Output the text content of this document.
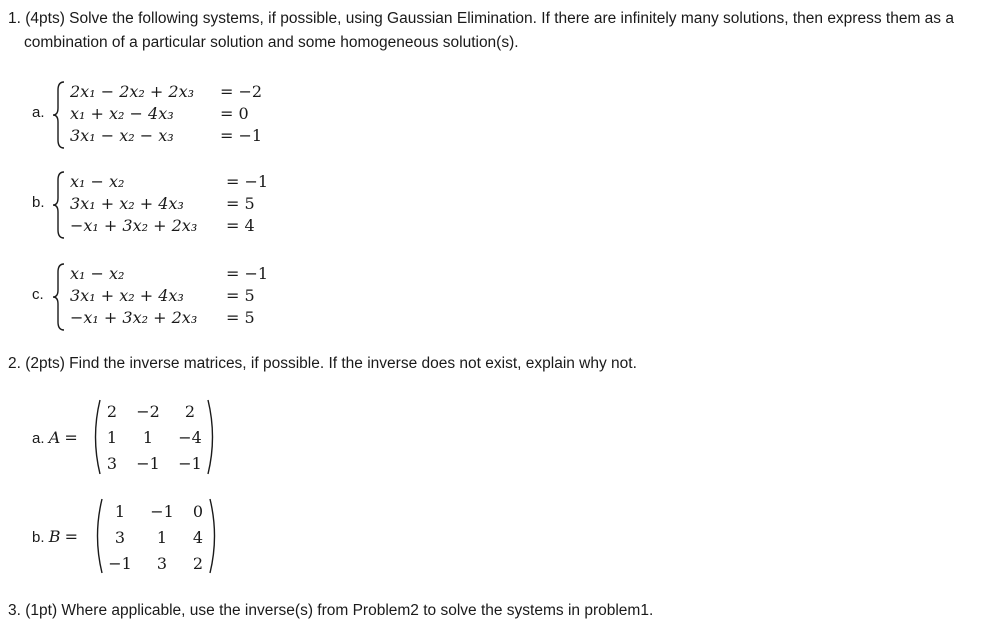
1. (4pts) Solve the following systems, if possible, using Gaussian Elimination. If there are infinitely many solutions, then express them as a
combination of a particular solution and some homogeneous solution(s).
a.
2x₁ − 2x₂ + 2x₃ = −2
x₁ + x₂ − 4x₃	= 0
3x₁ − x₂ − x₃	= −1
b.
x₁ − x₂	= −1
3x₁ + x₂ + 4x₃	= 5
−x₁ + 3x₂ + 2x₃ = 4
c.
x₁ − x₂	= −1
3x₁ + x₂ + 4x₃	= 5
−x₁ + 3x₂ + 2x₃ = 5
2. (2pts) Find the inverse matrices, if possible. If the inverse does not exist, explain why not.
a. A =
2	−2	2
1	1	−4
3	−1	−1
b. B =
1	−1	0
3	1	4
−1	3	2
3. (1pt) Where applicable, use the inverse(s) from Problem2 to solve the systems in problem1.
